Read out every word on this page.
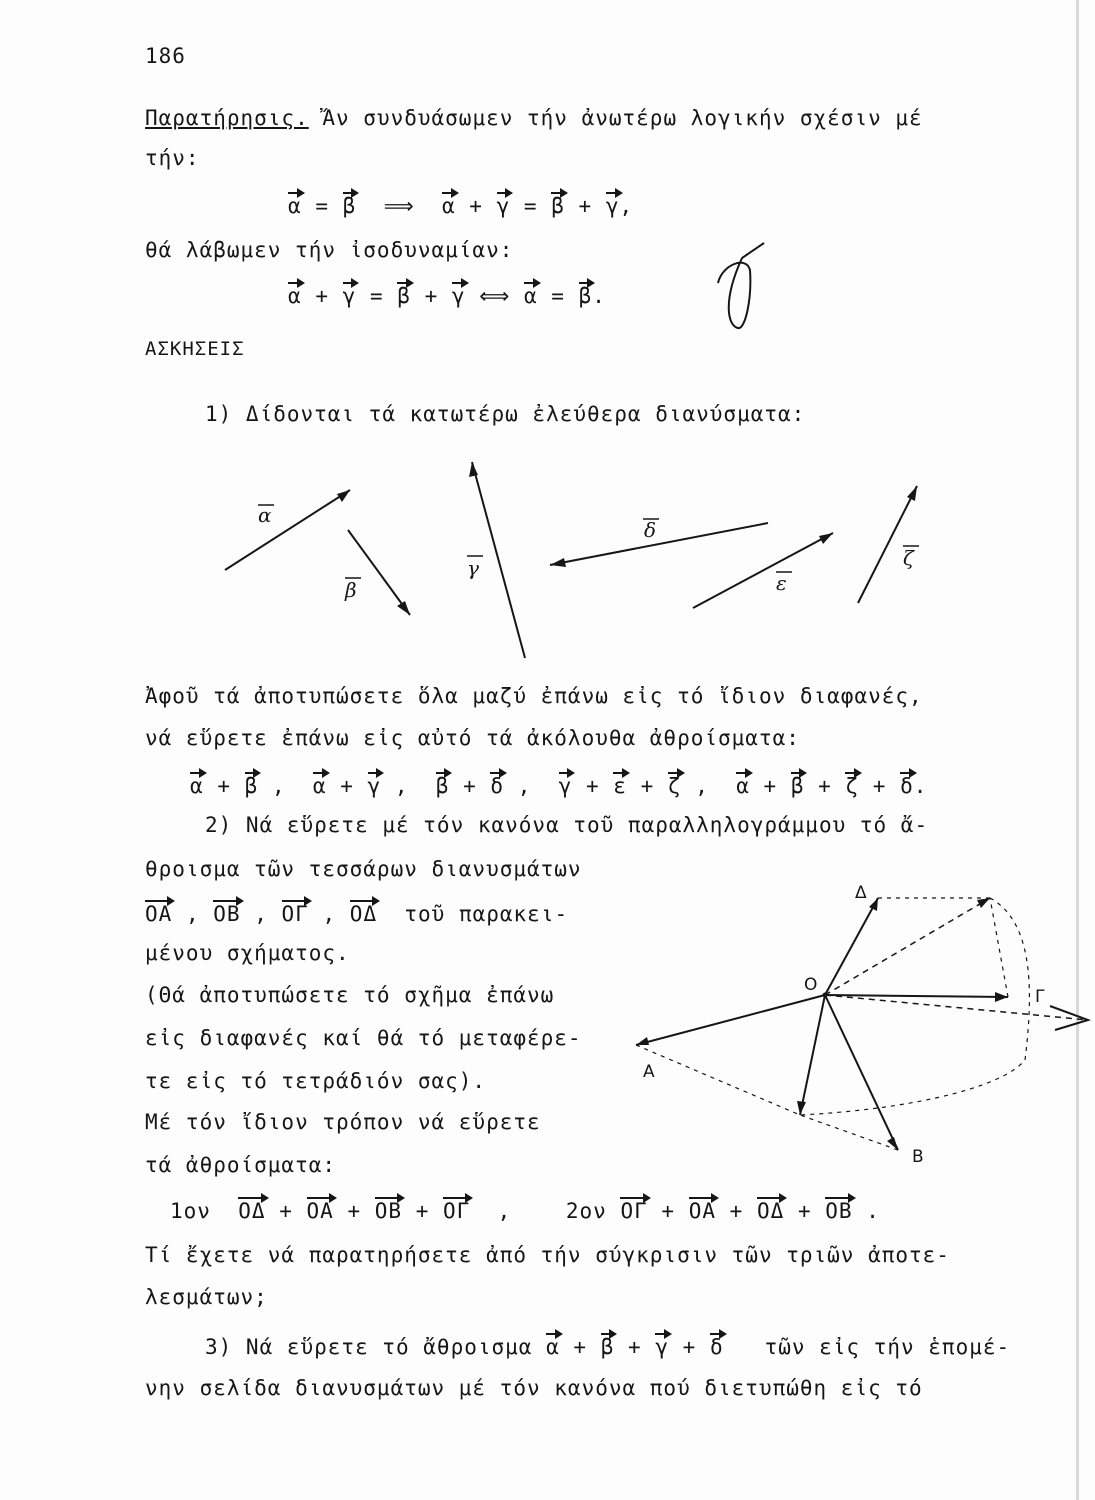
186
Παρατήρησις. Ἄν συνδυάσωμεν τήν ἀνωτέρω λογικήν σχέσιν μέ
τήν:
α = β ⟹ α + γ = β + γ,
θά λάβωμεν τήν ἰσοδυναμίαν:
α + γ = β + γ ⟺ α = β.
ΑΣΚΗΣΕΙΣ
1) Δίδονται τά κατωτέρω ἐλεύθερα διανύσματα:
α
β
γ
δ
ε
ζ
Ο
Α
Β
Γ
Δ
Ἀφοῦ τά ἀποτυπώσετε ὅλα μαζύ ἐπάνω εἰς τό ἴδιον διαφανές,
νά εὕρετε ἐπάνω εἰς αὐτό τά ἀκόλουθα ἀθροίσματα:
α + β , α + γ , β + δ , γ + ε + ζ , α + β + ζ + δ.
2) Νά εὕρετε μέ τόν κανόνα τοῦ παραλληλογράμμου τό ἄ-
θροισμα τῶν τεσσάρων διανυσμάτων
ΟΑ , ΟΒ , ΟΓ , ΟΔ τοῦ παρακει-
μένου σχήματος.
(Θά ἀποτυπώσετε τό σχῆμα ἐπάνω
εἰς διαφανές καί θά τό μεταφέρε-
τε εἰς τό τετράδιόν σας).
Μέ τόν ἴδιον τρόπον νά εὕρετε
τά ἀθροίσματα:
1ον ΟΔ + ΟΑ + ΟΒ + ΟΓ ,	2ον ΟΓ + ΟΑ + ΟΔ + ΟΒ .
Τί ἔχετε νά παρατηρήσετε ἀπό τήν σύγκρισιν τῶν τριῶν ἀποτε-
λεσμάτων;
3) Νά εὕρετε τό ἄθροισμα α + β + γ + δ τῶν εἰς τήν ἑπομέ-
νην σελίδα διανυσμάτων μέ τόν κανόνα πού διετυπώθη εἰς τό
